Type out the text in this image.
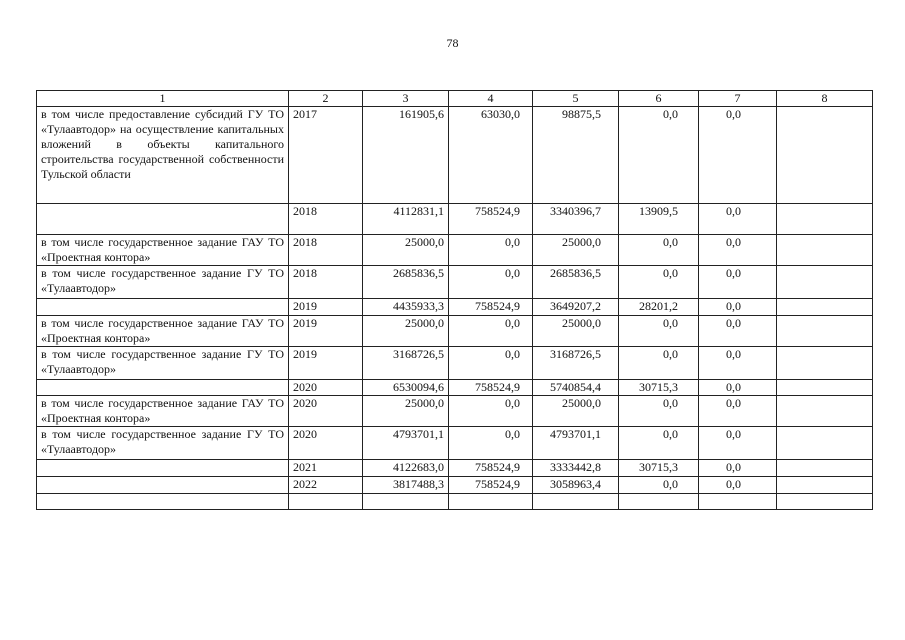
78
1	2	3	4	5	6	7	8
в том числе предоставление субсидий ГУ ТО «Тулаавтодор» на осуществление капитальных вложений в объекты капитального строительства государственной собственности Тульской области	2017	161905,6	63030,0	98875,5	0,0	0,0	
	2018	4112831,1	758524,9	3340396,7	13909,5	0,0	
в том числе государственное задание ГАУ ТО «Проектная контора»	2018	25000,0	0,0	25000,0	0,0	0,0	
в том числе государственное задание ГУ ТО «Тулаавтодор»	2018	2685836,5	0,0	2685836,5	0,0	0,0	
	2019	4435933,3	758524,9	3649207,2	28201,2	0,0	
в том числе государственное задание ГАУ ТО «Проектная контора»	2019	25000,0	0,0	25000,0	0,0	0,0	
в том числе государственное задание ГУ ТО «Тулаавтодор»	2019	3168726,5	0,0	3168726,5	0,0	0,0	
	2020	6530094,6	758524,9	5740854,4	30715,3	0,0	
в том числе государственное задание ГАУ ТО «Проектная контора»	2020	25000,0	0,0	25000,0	0,0	0,0	
в том числе государственное задание ГУ ТО «Тулаавтодор»	2020	4793701,1	0,0	4793701,1	0,0	0,0	
	2021	4122683,0	758524,9	3333442,8	30715,3	0,0	
	2022	3817488,3	758524,9	3058963,4	0,0	0,0	
